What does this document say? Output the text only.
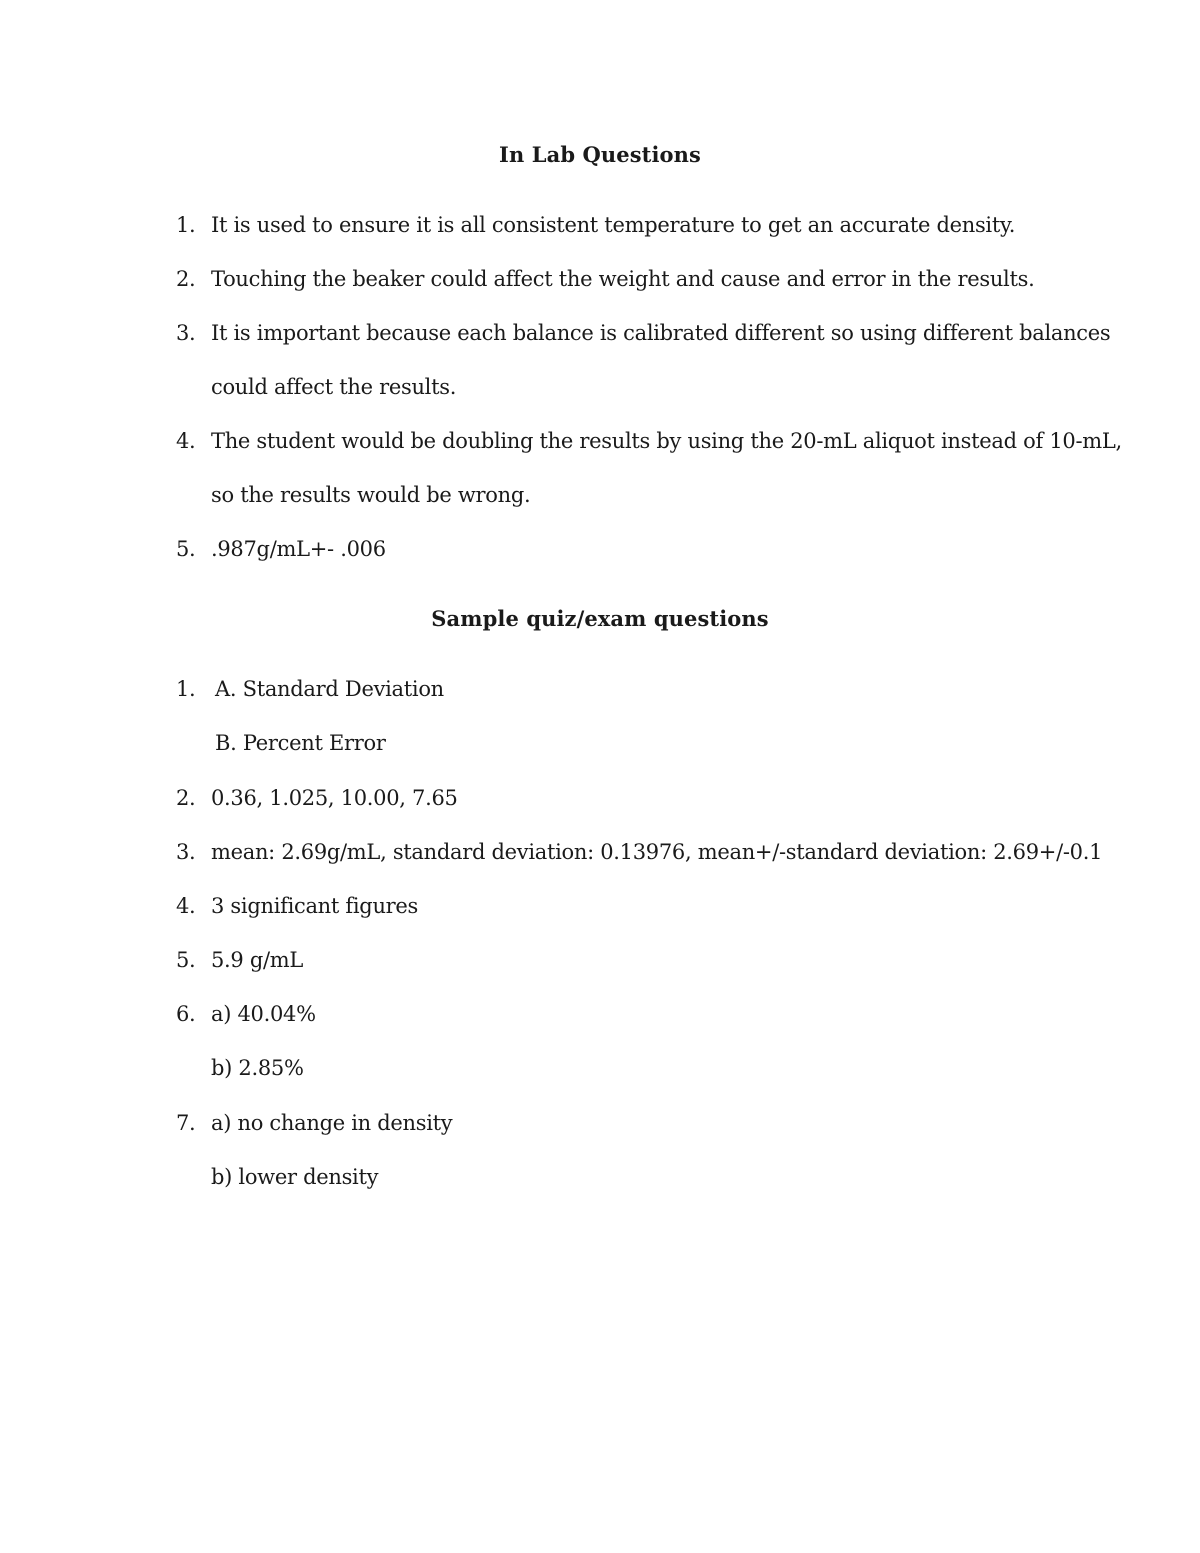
In Lab Questions
1. It is used to ensure it is all consistent temperature to get an accurate density.
2. Touching the beaker could affect the weight and cause and error in the results.
3. It is important because each balance is calibrated different so using different balances
could affect the results.
4. The student would be doubling the results by using the 20-mL aliquot instead of 10-mL,
so the results would be wrong.
5. .987g/mL+- .006
Sample quiz/exam questions
1. A. Standard Deviation
B. Percent Error
2. 0.36, 1.025, 10.00, 7.65
3. mean: 2.69g/mL, standard deviation: 0.13976, mean+/-standard deviation: 2.69+/-0.1
4. 3 significant figures
5. 5.9 g/mL
6. a) 40.04%
b) 2.85%
7. a) no change in density
b) lower density
